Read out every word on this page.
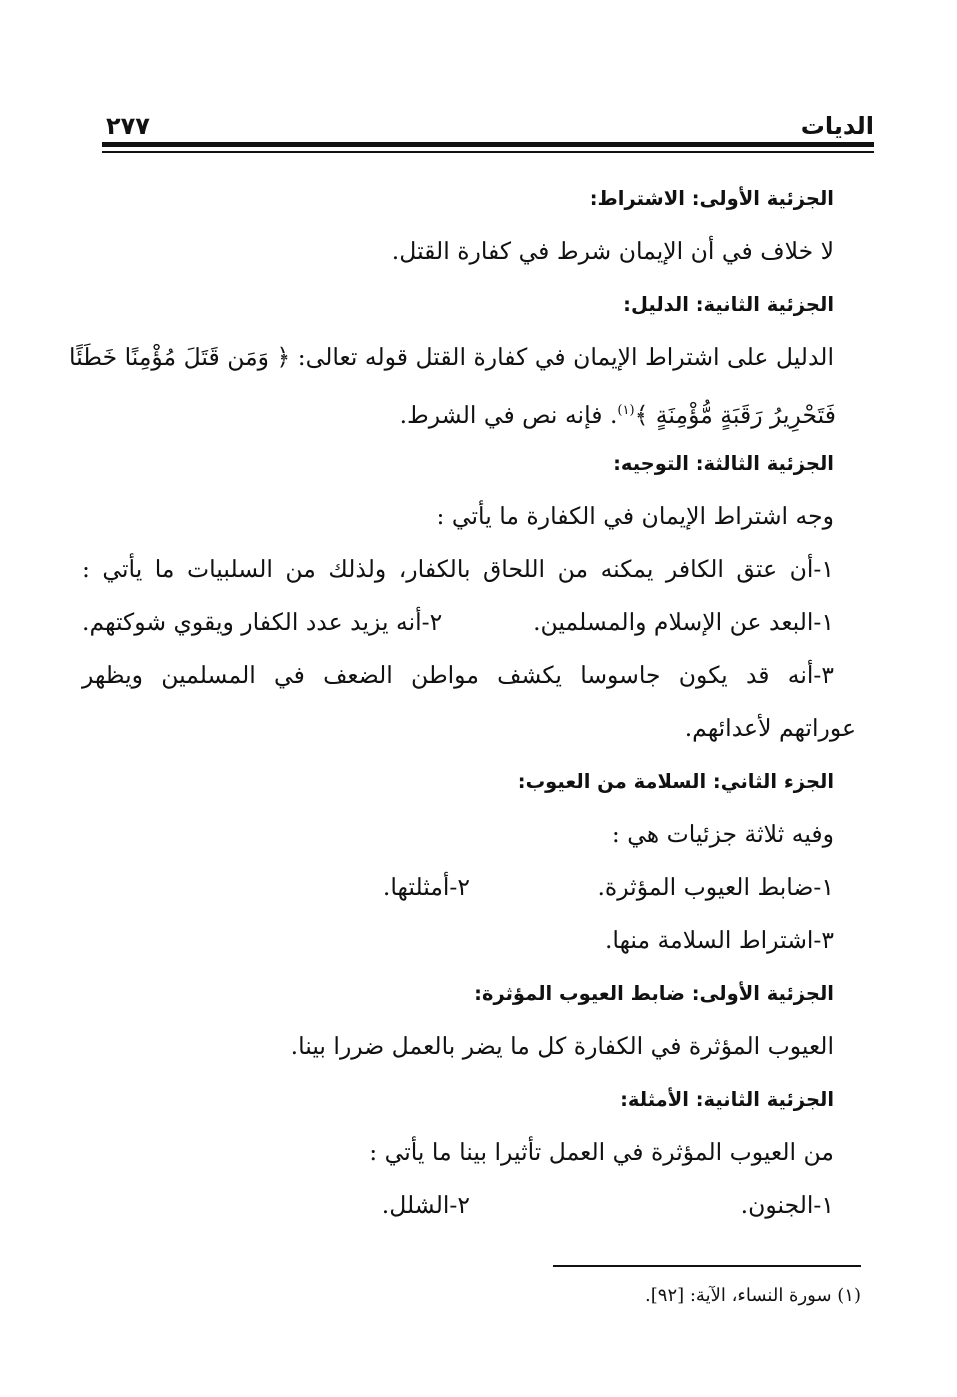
الديات
٢٧٧
الجزئية الأولى: الاشتراط:
لا خلاف في أن الإيمان شرط في كفارة القتل.
الجزئية الثانية: الدليل:
الدليل على اشتراط الإيمان في كفارة القتل قوله تعالى: ﴿ وَمَن قَتَلَ مُؤْمِنًا خَطَئًا
فَتَحْرِيرُ رَقَبَةٍ مُّؤْمِنَةٍ ﴾$^{(١)}$. فإنه نص في الشرط.
الجزئية الثالثة: التوجيه:
وجه اشتراط الإيمان في الكفارة ما يأتي :
١-أن عتق الكافر يمكنه من اللحاق بالكفار، ولذلك من السلبيات ما يأتي :
١-البعد عن الإسلام والمسلمين.
٢-أنه يزيد عدد الكفار ويقوي شوكتهم.
٣-أنه قد يكون جاسوسا يكشف مواطن الضعف في المسلمين ويظهر
عوراتهم لأعدائهم.
الجزء الثاني: السلامة من العيوب:
وفيه ثلاثة جزئيات هي :
١-ضابط العيوب المؤثرة.
٢-أمثلتها.
٣-اشتراط السلامة منها.
الجزئية الأولى: ضابط العيوب المؤثرة:
العيوب المؤثرة في الكفارة كل ما يضر بالعمل ضررا بينا.
الجزئية الثانية: الأمثلة:
من العيوب المؤثرة في العمل تأثيرا بينا ما يأتي :
١-الجنون.
٢-الشلل.
(١) سورة النساء، الآية: [٩٢].
